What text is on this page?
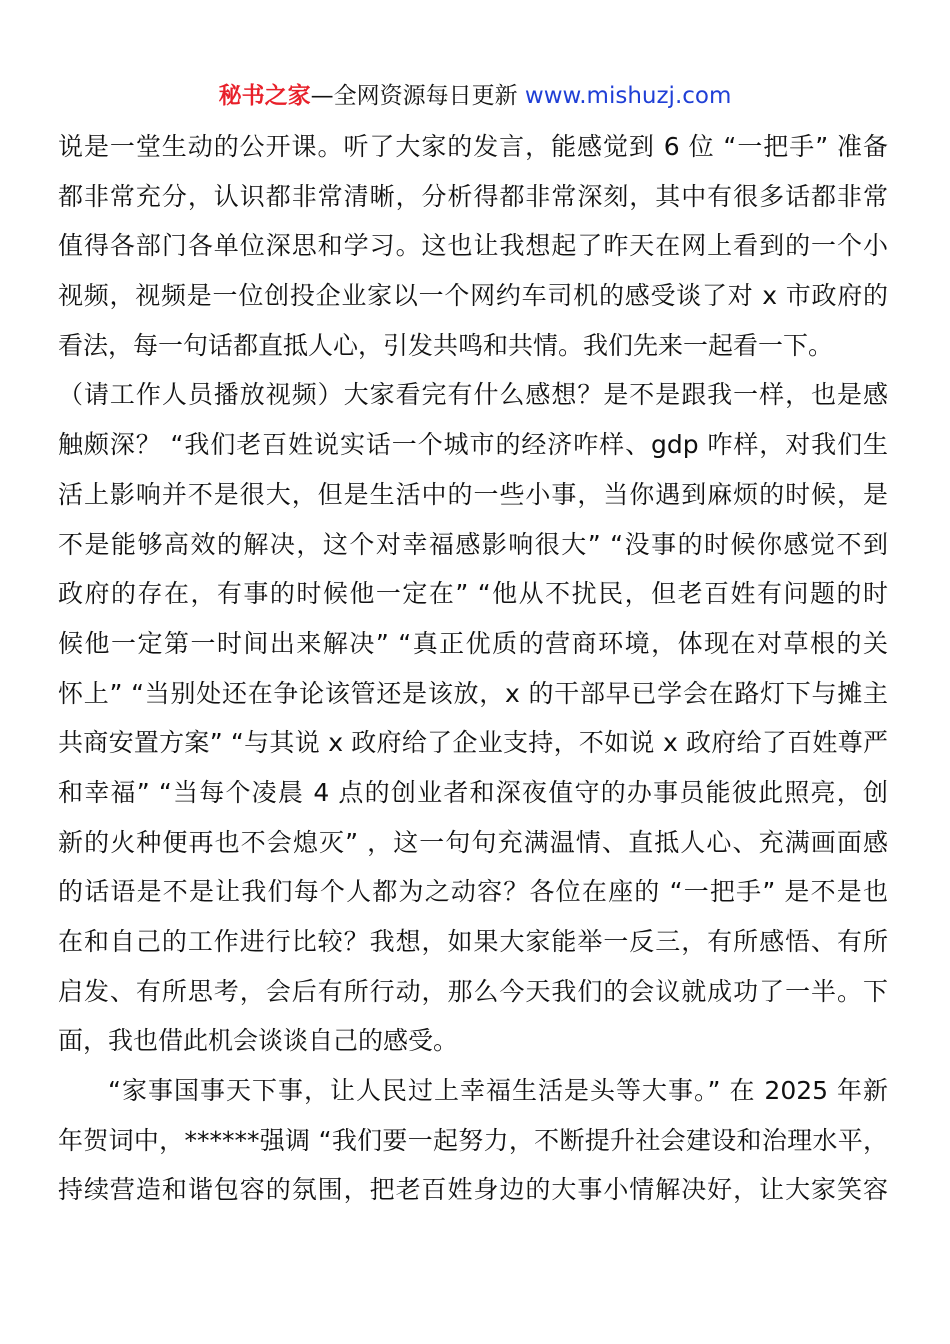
秘书之家—全网资源每日更新 www.mishuzj.com
说是一堂生动的公开课。听了大家的发言，能感觉到 6 位 “一把手” 准备
都非常充分，认识都非常清晰，分析得都非常深刻，其中有很多话都非常
值得各部门各单位深思和学习。这也让我想起了昨天在网上看到的一个小
视频，视频是一位创投企业家以一个网约车司机的感受谈了对 x 市政府的
看法，每一句话都直抵人心，引发共鸣和共情。我们先来一起看一下。
（请工作人员播放视频）大家看完有什么感想？是不是跟我一样，也是感
触颇深？ “我们老百姓说实话一个城市的经济咋样、gdp 咋样，对我们生
活上影响并不是很大，但是生活中的一些小事，当你遇到麻烦的时候，是
不是能够高效的解决，这个对幸福感影响很大” “没事的时候你感觉不到
政府的存在，有事的时候他一定在” “他从不扰民，但老百姓有问题的时
候他一定第一时间出来解决” “真正优质的营商环境，体现在对草根的关
怀上” “当别处还在争论该管还是该放，x 的干部早已学会在路灯下与摊主
共商安置方案” “与其说 x 政府给了企业支持，不如说 x 政府给了百姓尊严
和幸福” “当每个凌晨 4 点的创业者和深夜值守的办事员能彼此照亮，创
新的火种便再也不会熄灭” ，这一句句充满温情、直抵人心、充满画面感
的话语是不是让我们每个人都为之动容？各位在座的 “一把手” 是不是也
在和自己的工作进行比较？我想，如果大家能举一反三，有所感悟、有所
启发、有所思考，会后有所行动，那么今天我们的会议就成功了一半。下
面，我也借此机会谈谈自己的感受。
“家事国事天下事，让人民过上幸福生活是头等大事。” 在 2025 年新
年贺词中，******强调 “我们要一起努力，不断提升社会建设和治理水平，
持续营造和谐包容的氛围，把老百姓身边的大事小情解决好，让大家笑容
